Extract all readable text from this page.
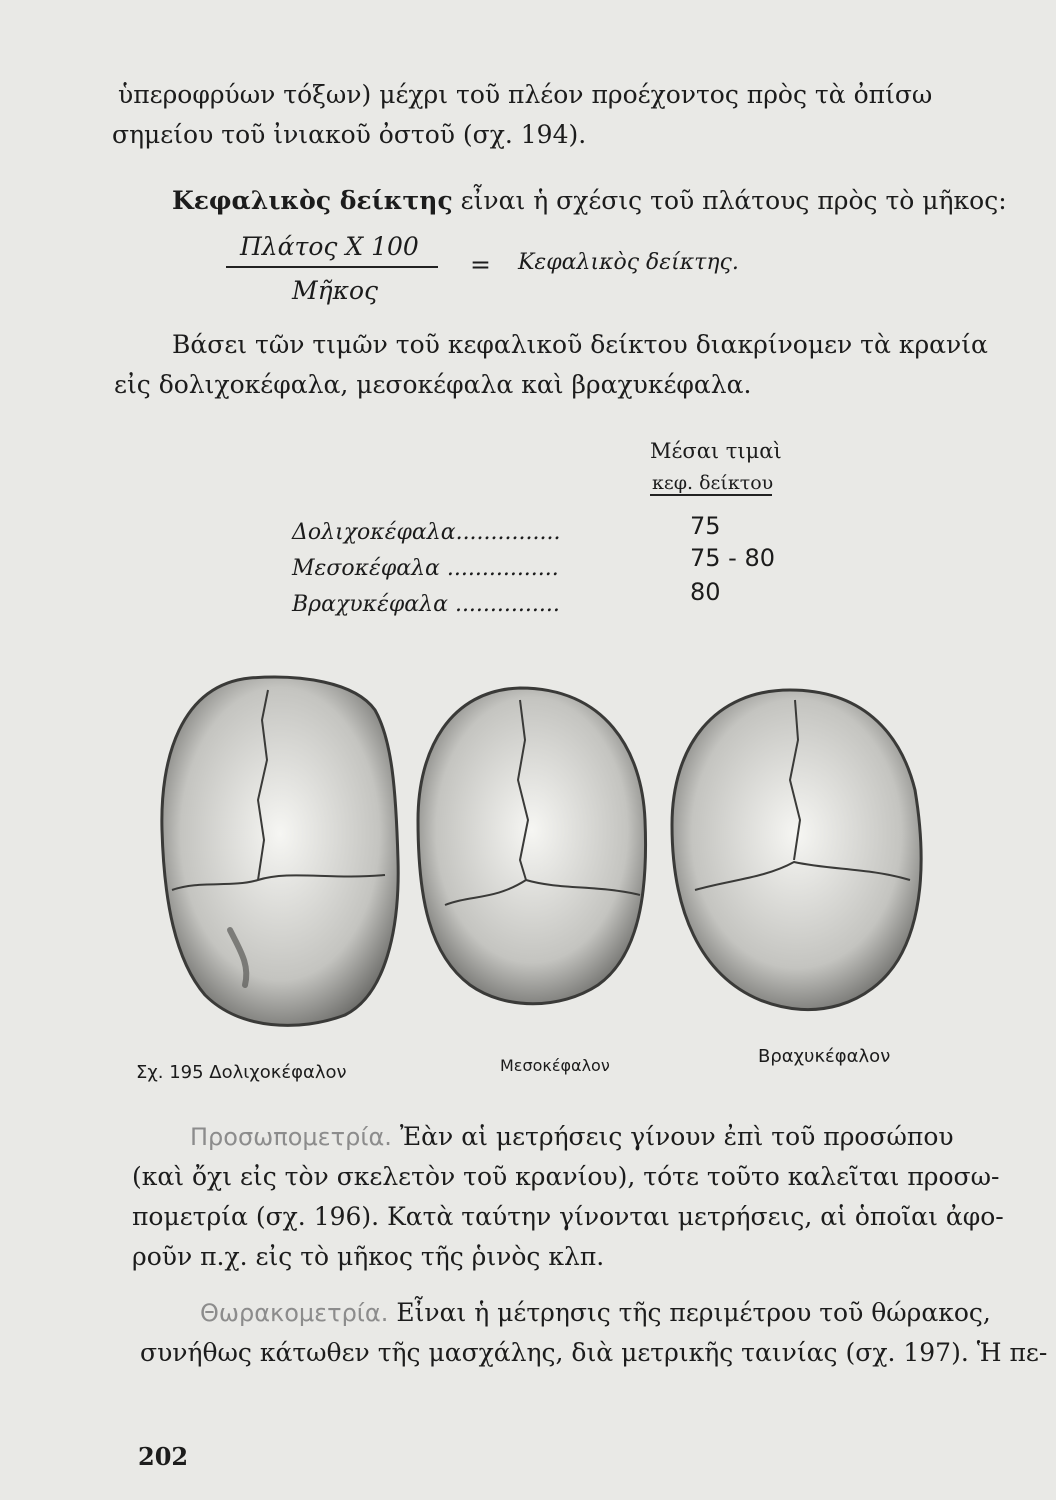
ὑπεροφρύων τόξων) μέχρι τοῦ πλέον προέχοντος πρὸς τὰ ὀπίσω
σημείου τοῦ ἰνιακοῦ ὀστοῦ (σχ. 194).
Κεφαλικὸς δείκτης εἶναι ἡ σχέσις τοῦ πλάτους πρὸς τὸ μῆκος:
Πλάτος Χ 100
Μῆκος
= Κεφαλικὸς δείκτης.
Βάσει τῶν τιμῶν τοῦ κεφαλικοῦ δείκτου διακρίνομεν τὰ κρανία
εἰς δολιχοκέφαλα, μεσοκέφαλα καὶ βραχυκέφαλα.
Μέσαι τιμαὶ
κεφ. δείκτου
Δολιχοκέφαλα...............	75
Μεσοκέφαλα ................	75 - 80
Βραχυκέφαλα ...............	80
Σχ. 195 Δολιχοκέφαλον	Μεσοκέφαλον	Βραχυκέφαλον
Προσωπομετρία. Ἐὰν αἱ μετρήσεις γίνουν ἐπὶ τοῦ προσώπου
(καὶ ὄχι εἰς τὸν σκελετὸν τοῦ κρανίου), τότε τοῦτο καλεῖται προσω-
πομετρία (σχ. 196). Κατὰ ταύτην γίνονται μετρήσεις, αἱ ὁποῖαι ἀφο-
ροῦν π.χ. εἰς τὸ μῆκος τῆς ῥινὸς κλπ.
Θωρακομετρία. Εἶναι ἡ μέτρησις τῆς περιμέτρου τοῦ θώρακος,
συνήθως κάτωθεν τῆς μασχάλης, διὰ μετρικῆς ταινίας (σχ. 197). Ἡ πε-
202
